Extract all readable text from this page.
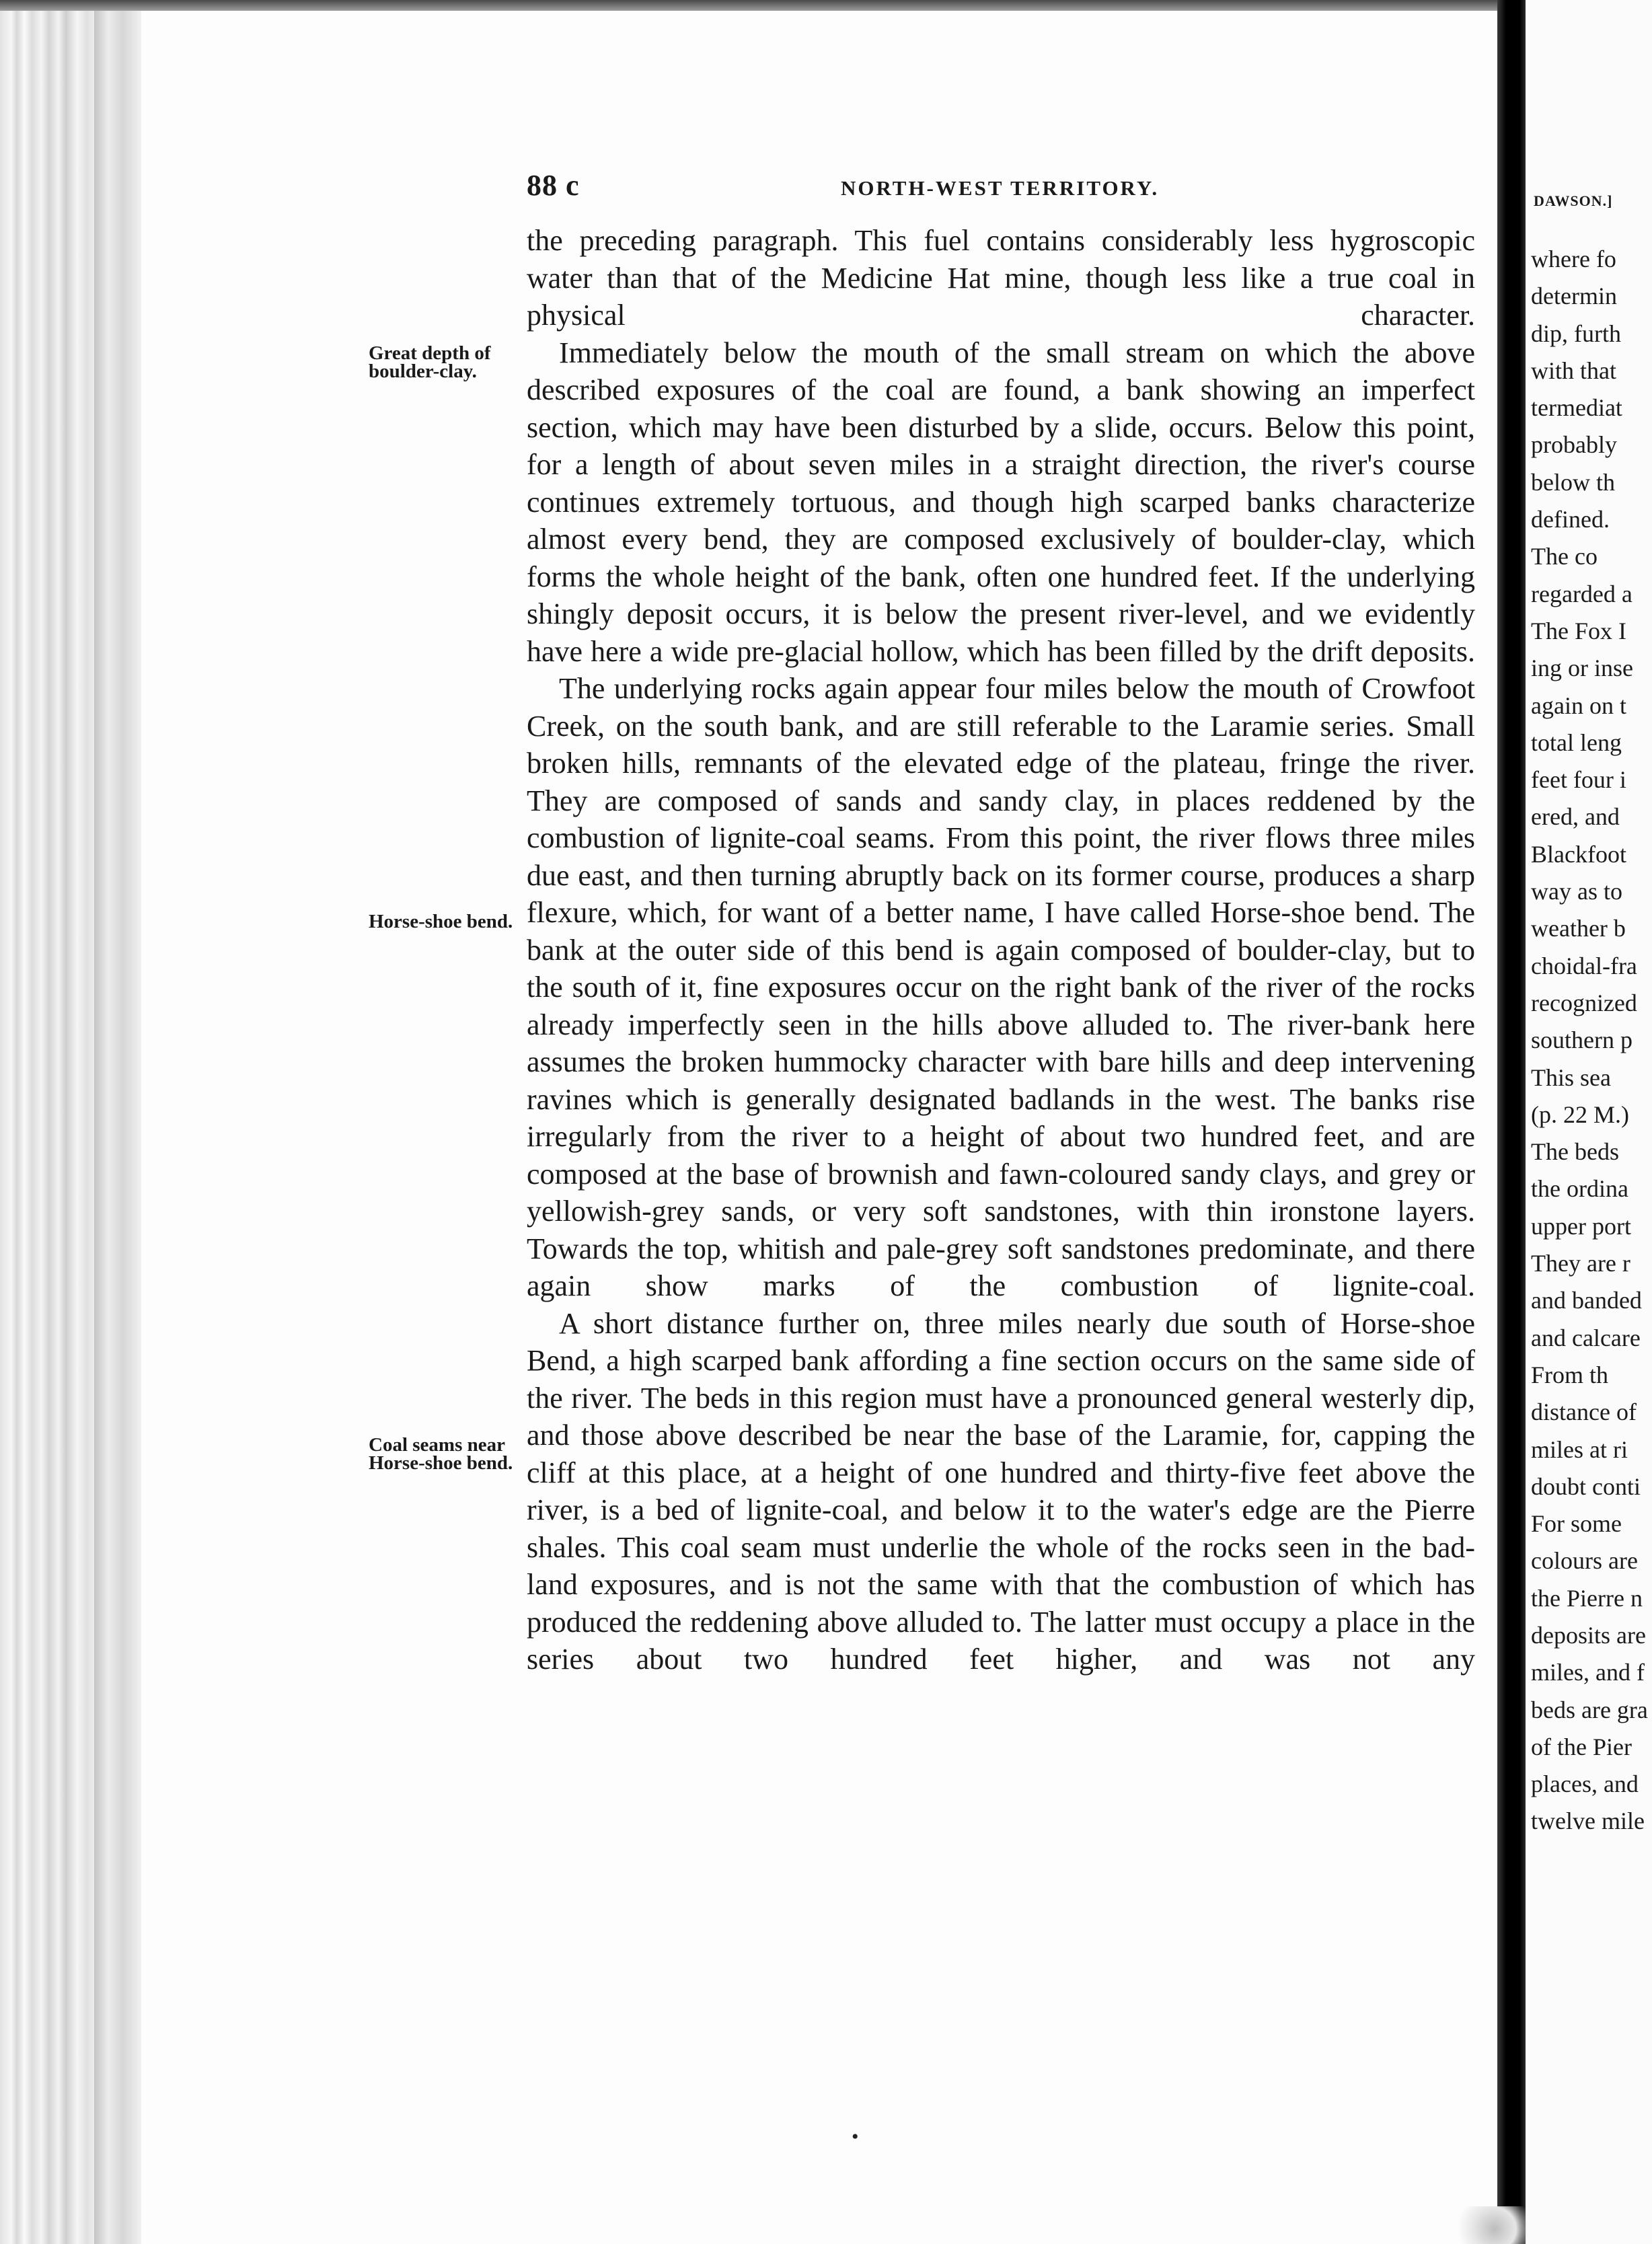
88 c	NORTH-WEST TERRITORY.

Great depth of boulder-clay.

Horse-shoe bend.

Coal seams near Horse-shoe bend.

the preceding paragraph. This fuel contains considerably less hygroscopic water than that of the Medicine Hat mine, though less like a true coal in physical character.

Immediately below the mouth of the small stream on which the above described exposures of the coal are found, a bank showing an imperfect section, which may have been disturbed by a slide, occurs. Below this point, for a length of about seven miles in a straight direction, the river's course continues extremely tortuous, and though high scarped banks characterize almost every bend, they are composed exclusively of boulder-clay, which forms the whole height of the bank, often one hundred feet. If the underlying shingly deposit occurs, it is below the present river-level, and we evidently have here a wide pre-glacial hollow, which has been filled by the drift deposits.

The underlying rocks again appear four miles below the mouth of Crowfoot Creek, on the south bank, and are still referable to the Laramie series. Small broken hills, remnants of the elevated edge of the plateau, fringe the river. They are composed of sands and sandy clay, in places reddened by the combustion of lignite-coal seams. From this point, the river flows three miles due east, and then turning abruptly back on its former course, produces a sharp flexure, which, for want of a better name, I have called Horse-shoe bend. The bank at the outer side of this bend is again composed of boulder-clay, but to the south of it, fine exposures occur on the right bank of the river of the rocks already imperfectly seen in the hills above alluded to. The river-bank here assumes the broken hummocky character with bare hills and deep intervening ravines which is generally designated badlands in the west. The banks rise irregularly from the river to a height of about two hundred feet, and are composed at the base of brownish and fawn-coloured sandy clays, and grey or yellowish-grey sands, or very soft sandstones, with thin ironstone layers. Towards the top, whitish and pale-grey soft sandstones predominate, and there again show marks of the combustion of lignite-coal.

A short distance further on, three miles nearly due south of Horse-shoe Bend, a high scarped bank affording a fine section occurs on the same side of the river. The beds in this region must have a pronounced general westerly dip, and those above described be near the base of the Laramie, for, capping the cliff at this place, at a height of one hundred and thirty-five feet above the river, is a bed of lignite-coal, and below it to the water's edge are the Pierre shales. This coal seam must underlie the whole of the rocks seen in the bad-land exposures, and is not the same with that the combustion of which has produced the reddening above alluded to. The latter must occupy a place in the series about two hundred feet higher, and was not any

•
DAWSON.]
where fo
determin
dip, furth
with that
termediat
probably
below th
defined.
The co
regarded a
The Fox I
ing or inse
again on t
total leng
feet four i
ered, and
Blackfoot
way as to
weather b
choidal-fra
recognized
southern p
This sea
(p. 22 M.)
The beds
the ordina
upper port
They are r
and banded
and calcare
From th
distance of
miles at ri
doubt conti
For some
colours are
the Pierre n
deposits are
miles, and f
beds are gra
of the Pier
places, and
twelve mile
